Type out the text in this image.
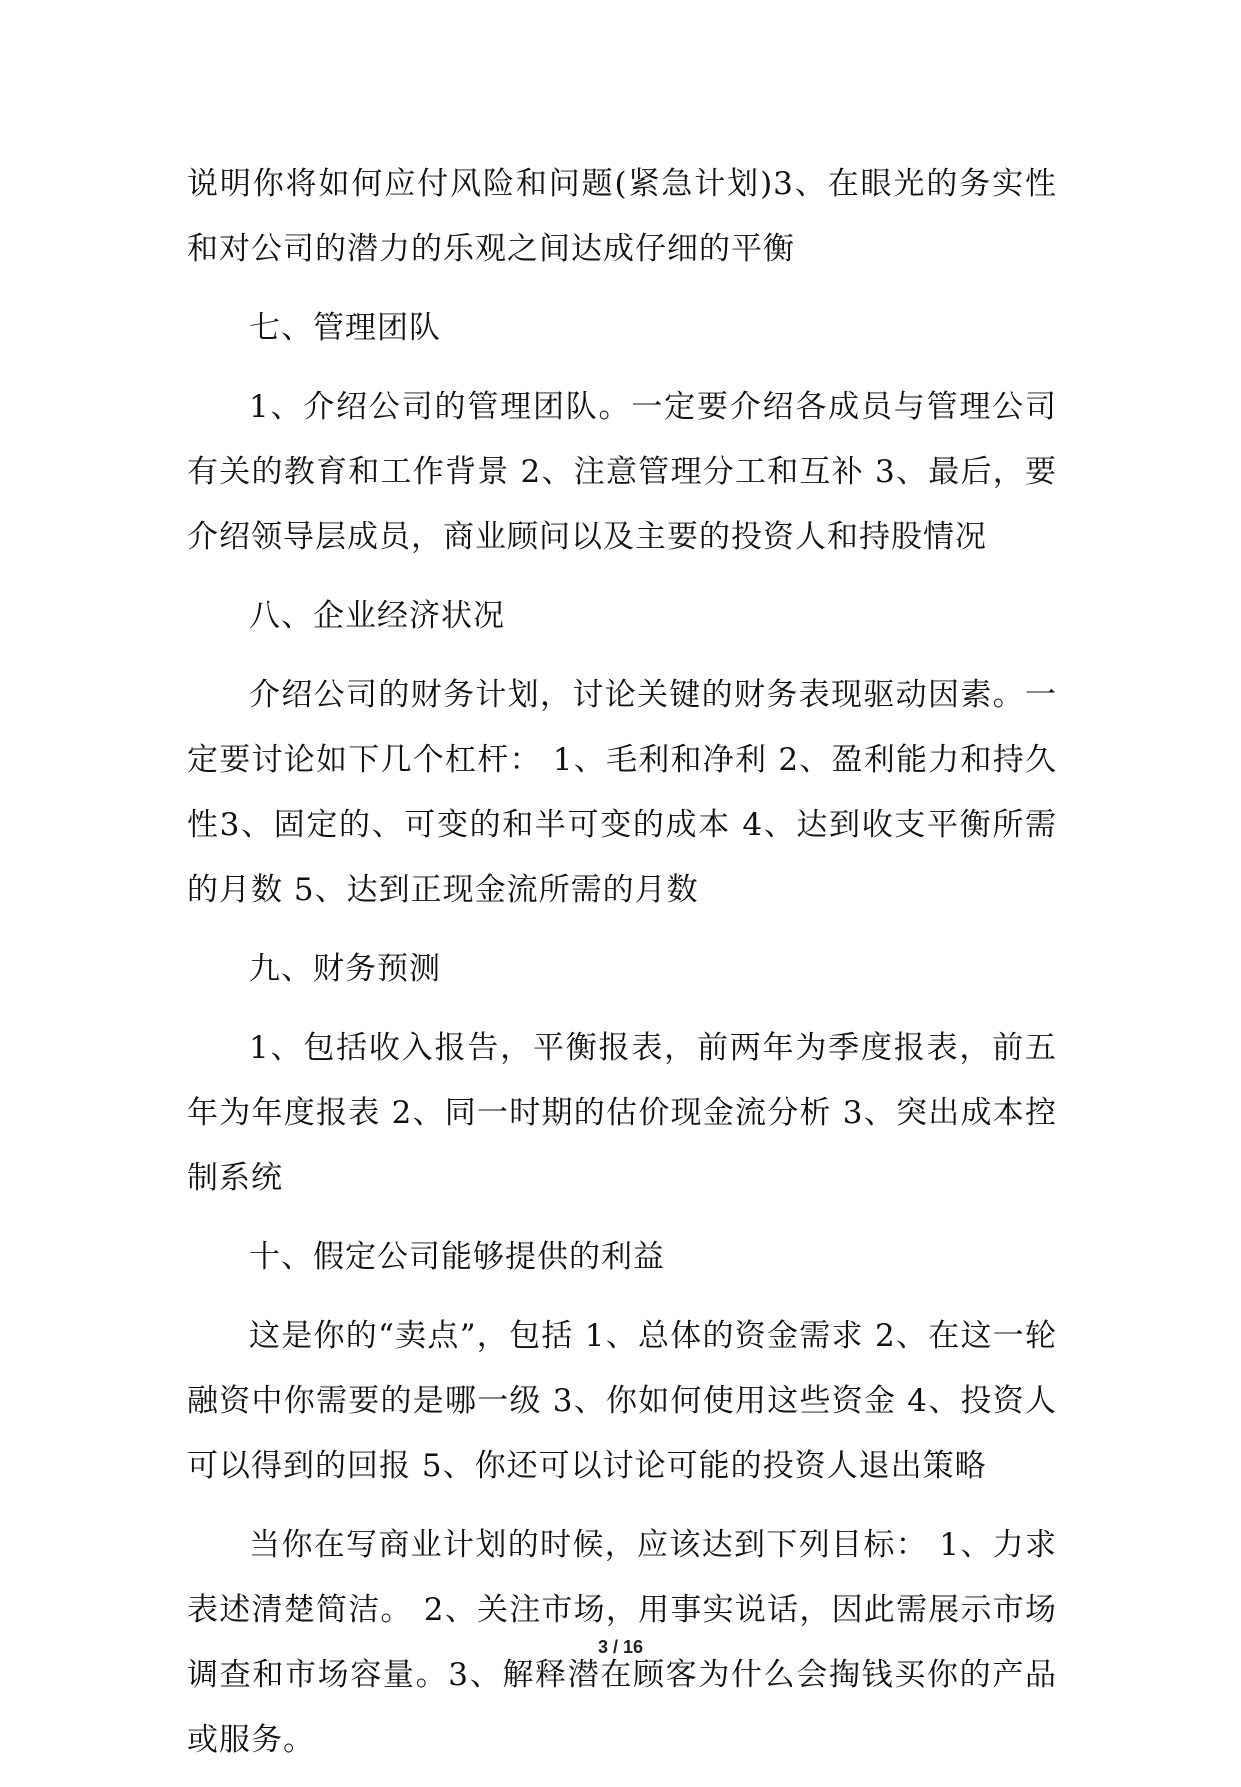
说明你将如何应付风险和问题(紧急计划)3、在眼光的务实性和对公司的潜力的乐观之间达成仔细的平衡

七、管理团队

1、介绍公司的管理团队。一定要介绍各成员与管理公司有关的教育和工作背景 2、注意管理分工和互补 3、最后，要介绍领导层成员，商业顾问以及主要的投资人和持股情况

八、企业经济状况

介绍公司的财务计划，讨论关键的财务表现驱动因素。一定要讨论如下几个杠杆： 1、毛利和净利 2、盈利能力和持久性3、固定的、可变的和半可变的成本 4、达到收支平衡所需的月数 5、达到正现金流所需的月数

九、财务预测

1、包括收入报告，平衡报表，前两年为季度报表，前五年为年度报表 2、同一时期的估价现金流分析 3、突出成本控制系统

十、假定公司能够提供的利益

这是你的“卖点”，包括 1、总体的资金需求 2、在这一轮融资中你需要的是哪一级 3、你如何使用这些资金 4、投资人可以得到的回报 5、你还可以讨论可能的投资人退出策略

当你在写商业计划的时候，应该达到下列目标： 1、力求表述清楚简洁。 2、关注市场，用事实说话，因此需展示市场调查和市场容量。3、解释潜在顾客为什么会掏钱买你的产品或服务。

3 / 16
